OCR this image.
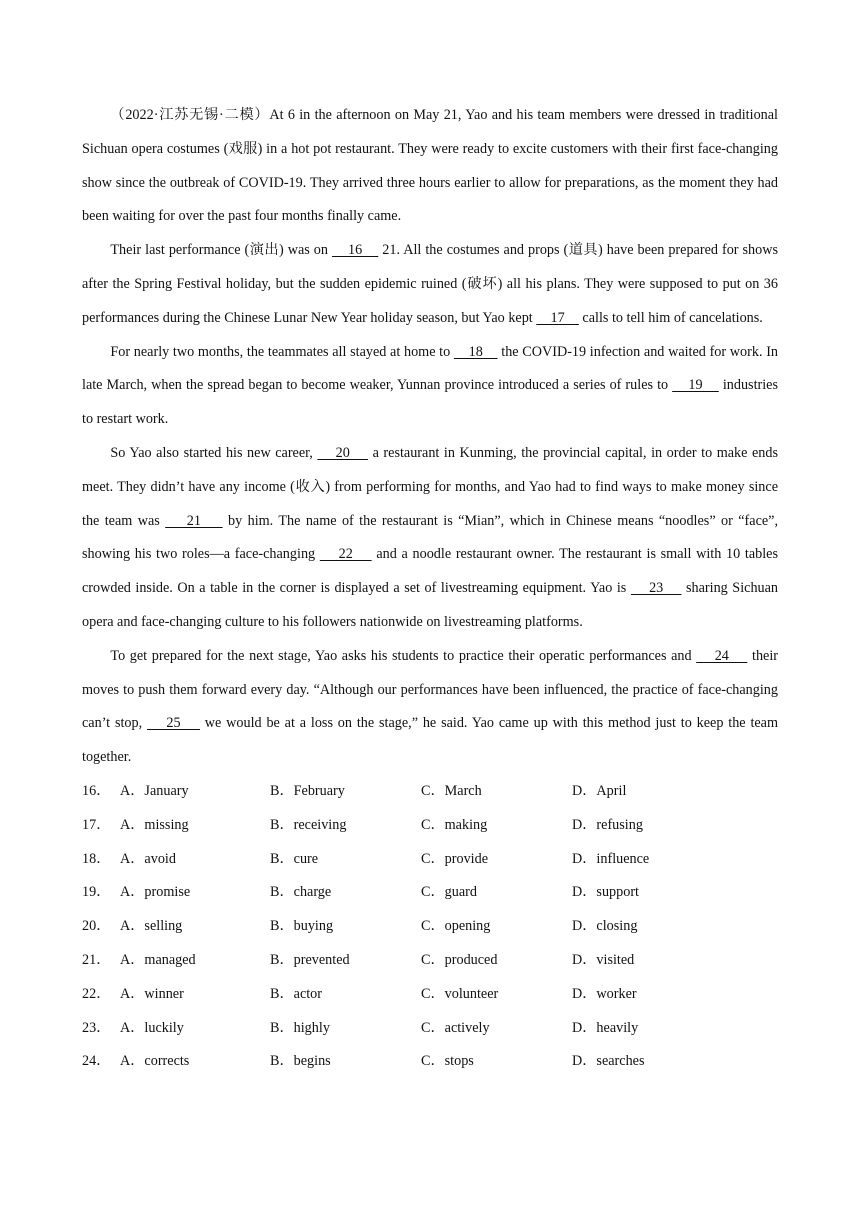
（2022·江苏无锡·二模）At 6 in the afternoon on May 21, Yao and his team members were dressed in traditional Sichuan opera costumes (戏服) in a hot pot restaurant. They were ready to excite customers with their first face-changing show since the outbreak of COVID-19. They arrived three hours earlier to allow for preparations, as the moment they had been waiting for over the past four months finally came.

Their last performance (演出) was on     16     21. All the costumes and props (道具) have been prepared for shows after the Spring Festival holiday, but the sudden epidemic ruined (破坏) all his plans. They were supposed to put on 36 performances during the Chinese Lunar New Year holiday season, but Yao kept     17     calls to tell him of cancelations.

For nearly two months, the teammates all stayed at home to     18     the COVID-19 infection and waited for work. In late March, when the spread began to become weaker, Yunnan province introduced a series of rules to     19     industries to restart work.

So Yao also started his new career,     20     a restaurant in Kunming, the provincial capital, in order to make ends meet. They didn’t have any income (收入) from performing for months, and Yao had to find ways to make money since the team was     21     by him. The name of the restaurant is “Mian”, which in Chinese means “noodles” or “face”, showing his two roles—a face-changing     22     and a noodle restaurant owner. The restaurant is small with 10 tables crowded inside. On a table in the corner is displayed a set of livestreaming equipment. Yao is     23     sharing Sichuan opera and face-changing culture to his followers nationwide on livestreaming platforms.

To get prepared for the next stage, Yao asks his students to practice their operatic performances and     24     their moves to push them forward every day. “Although our performances have been influenced, the practice of face-changing can’t stop,     25     we would be at a loss on the stage,” he said. Yao came up with this method just to keep the team together.

16． A．January	B．February	C．March	D．April
17． A．missing	B．receiving	C．making	D．refusing
18． A．avoid	B．cure	C．provide	D．influence
19． A．promise	B．charge	C．guard	D．support
20． A．selling	B．buying	C．opening	D．closing
21． A．managed	B．prevented	C．produced	D．visited
22． A．winner	B．actor	C．volunteer	D．worker
23． A．luckily	B．highly	C．actively	D．heavily
24． A．corrects	B．begins	C．stops	D．searches
